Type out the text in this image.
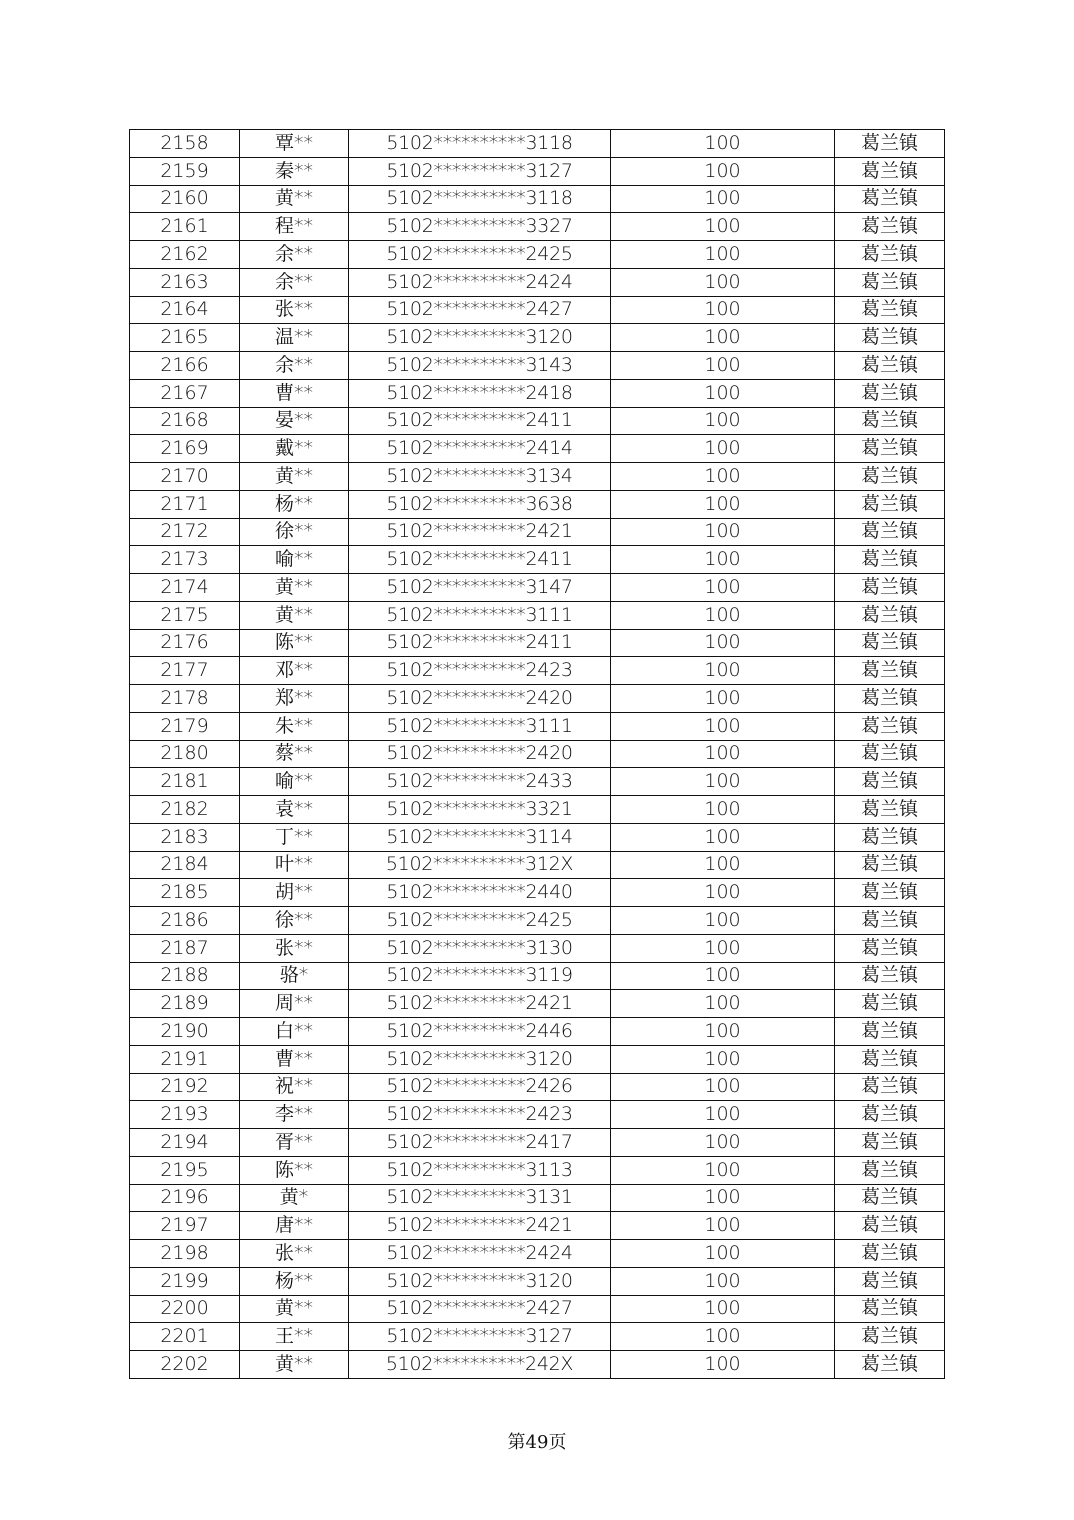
2158	覃**	5102**********3118	100	葛兰镇
2159	秦**	5102**********3127	100	葛兰镇
2160	黄**	5102**********3118	100	葛兰镇
2161	程**	5102**********3327	100	葛兰镇
2162	余**	5102**********2425	100	葛兰镇
2163	余**	5102**********2424	100	葛兰镇
2164	张**	5102**********2427	100	葛兰镇
2165	温**	5102**********3120	100	葛兰镇
2166	余**	5102**********3143	100	葛兰镇
2167	曹**	5102**********2418	100	葛兰镇
2168	晏**	5102**********2411	100	葛兰镇
2169	戴**	5102**********2414	100	葛兰镇
2170	黄**	5102**********3134	100	葛兰镇
2171	杨**	5102**********3638	100	葛兰镇
2172	徐**	5102**********2421	100	葛兰镇
2173	喻**	5102**********2411	100	葛兰镇
2174	黄**	5102**********3147	100	葛兰镇
2175	黄**	5102**********3111	100	葛兰镇
2176	陈**	5102**********2411	100	葛兰镇
2177	邓**	5102**********2423	100	葛兰镇
2178	郑**	5102**********2420	100	葛兰镇
2179	朱**	5102**********3111	100	葛兰镇
2180	蔡**	5102**********2420	100	葛兰镇
2181	喻**	5102**********2433	100	葛兰镇
2182	袁**	5102**********3321	100	葛兰镇
2183	丁**	5102**********3114	100	葛兰镇
2184	叶**	5102**********312X	100	葛兰镇
2185	胡**	5102**********2440	100	葛兰镇
2186	徐**	5102**********2425	100	葛兰镇
2187	张**	5102**********3130	100	葛兰镇
2188	骆*	5102**********3119	100	葛兰镇
2189	周**	5102**********2421	100	葛兰镇
2190	白**	5102**********2446	100	葛兰镇
2191	曹**	5102**********3120	100	葛兰镇
2192	祝**	5102**********2426	100	葛兰镇
2193	李**	5102**********2423	100	葛兰镇
2194	胥**	5102**********2417	100	葛兰镇
2195	陈**	5102**********3113	100	葛兰镇
2196	黄*	5102**********3131	100	葛兰镇
2197	唐**	5102**********2421	100	葛兰镇
2198	张**	5102**********2424	100	葛兰镇
2199	杨**	5102**********3120	100	葛兰镇
2200	黄**	5102**********2427	100	葛兰镇
2201	王**	5102**********3127	100	葛兰镇
2202	黄**	5102**********242X	100	葛兰镇
第49页
